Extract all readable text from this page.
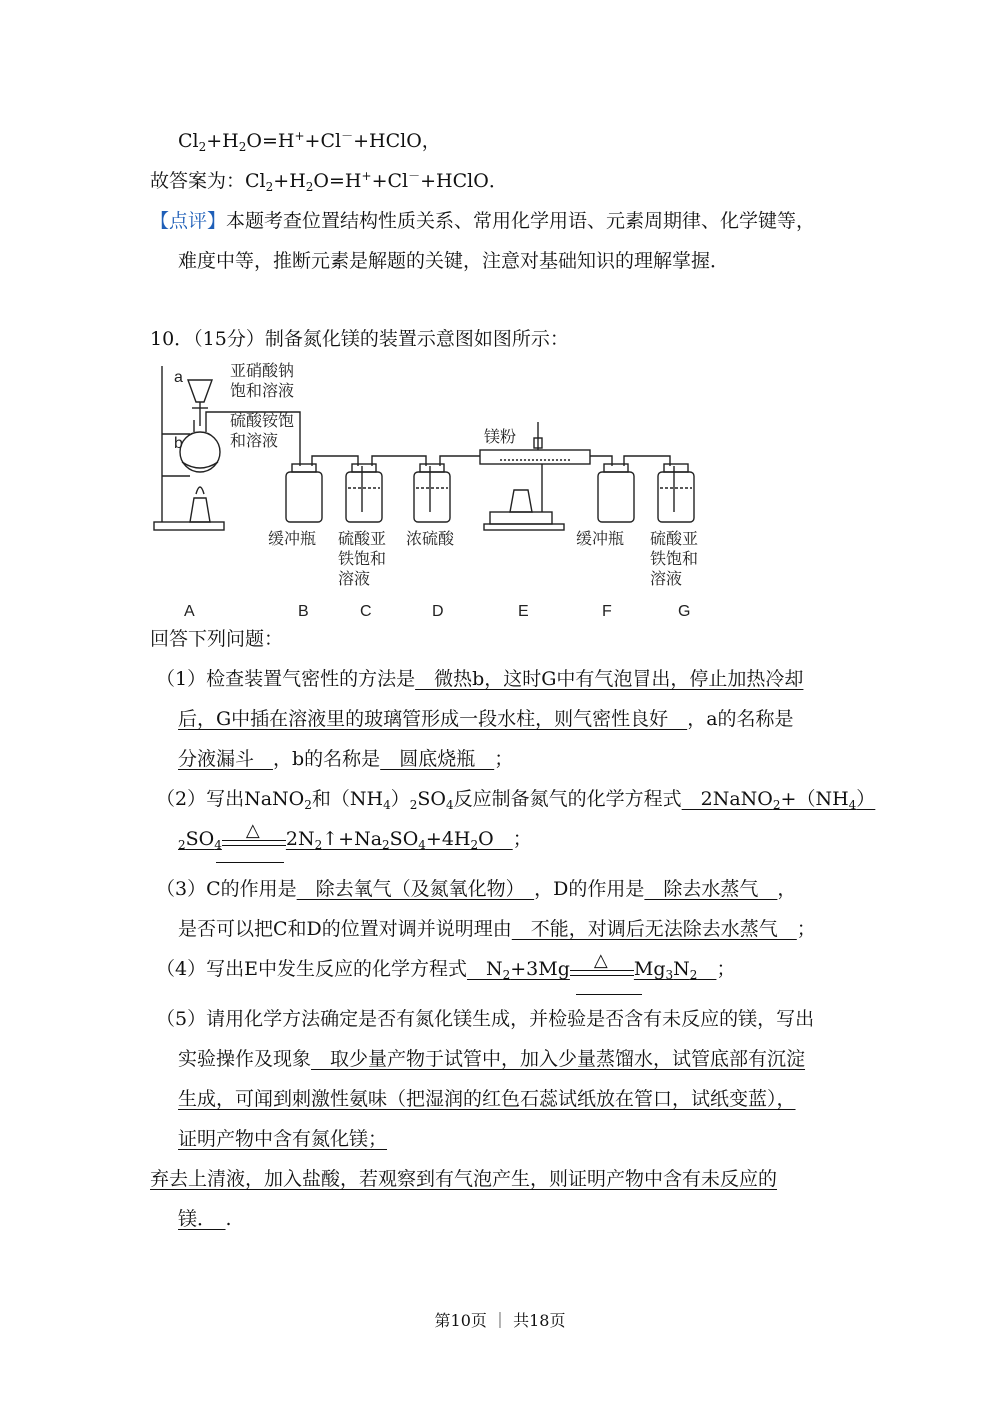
$Cl_2+H_2O=H^++Cl^-+HClO$，
故答案为：$Cl_2+H_2O=H^++Cl^-+HClO$．
【点评】本题考查位置结构性质关系、常用化学用语、元素周期律、化学键等，
难度中等，推断元素是解题的关键，注意对基础知识的理解掌握．
10．（15分）制备氮化镁的装置示意图如图所示：
a
b
亚硝酸钠
饱和溶液
硫酸铵饱
和溶液	镁粉
缓冲瓶 硫酸亚
铁饱和
溶液
浓硫酸	缓冲瓶 硫酸亚
铁饱和
溶液
A	B	C	D	E	F	G
回答下列问题：
（1）检查装置气密性的方法是　微热b，这时G中有气泡冒出，停止加热冷却
后，G中插在溶液里的玻璃管形成一段水柱，则气密性良好　，a的名称是
分液漏斗　，b的名称是　圆底烧瓶　；
（2）写出NaNO$_2$和$(NH_4)_2SO_4$反应制备氮气的化学方程式　$2NaNO_2+(NH_4)$
$_2SO_4$
△ $2N_2↑+Na_2SO_4+4H_2O$　；
（3）C的作用是　除去氧气（及氮氧化物）　，D的作用是　除去水蒸气　，
是否可以把C和D的位置对调并说明理由　不能，对调后无法除去水蒸气　；
（4）写出E中发生反应的化学方程式　$N_2+3Mg$ △ $Mg_3N_2$　 ；
（5）请用化学方法确定是否有氮化镁生成，并检验是否含有未反应的镁，写出
实验操作及现象　取少量产物于试管中，加入少量蒸馏水，试管底部有沉淀
生成，可闻到刺激性氨味（把湿润的红色石蕊试纸放在管口，试纸变蓝），
证明产物中含有氮化镁；
弃去上清液，加入盐酸，若观察到有气泡产生，则证明产物中含有未反应的
镁．　.
第10页 ｜ 共18页
